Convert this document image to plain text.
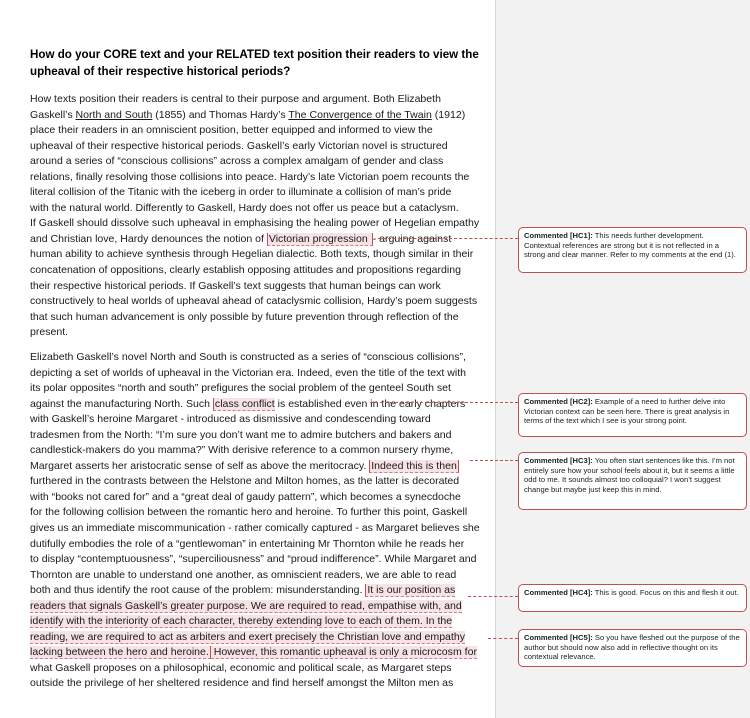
How do your CORE text and your RELATED text position their readers to view the upheaval of their respective historical periods?
How texts position their readers is central to their purpose and argument. Both Elizabeth
Gaskell’s North and South (1855) and Thomas Hardy’s The Convergence of the Twain (1912)
place their readers in an omniscient position, better equipped and informed to view the
upheaval of their respective historical periods. Gaskell’s early Victorian novel is structured
around a series of “conscious collisions” across a complex amalgam of gender and class
relations, finally resolving those collisions into peace. Hardy’s late Victorian poem recounts the
literal collision of the Titanic with the iceberg in order to illuminate a collision of man’s pride
with the natural world. Differently to Gaskell, Hardy does not offer us peace but a cataclysm.
If Gaskell should dissolve such upheaval in emphasising the healing power of Hegelian empathy
and Christian love, Hardy denounces the notion of Victorian progression - arguing against
human ability to achieve synthesis through Hegelian dialectic. Both texts, though similar in their
concatenation of oppositions, clearly establish opposing attitudes and propositions regarding
their respective historical periods. If Gaskell’s text suggests that human beings can work
constructively to heal worlds of upheaval ahead of cataclysmic collision, Hardy’s poem suggests
that such human advancement is only possible by future prevention through reflection of the
present.
Elizabeth Gaskell’s novel North and South is constructed as a series of “conscious collisions”,
depicting a set of worlds of upheaval in the Victorian era. Indeed, even the title of the text with
its polar opposites “north and south” prefigures the social problem of the genteel South set
against the manufacturing North. Such class conflict is established even in the early chapters
with Gaskell’s heroine Margaret - introduced as dismissive and condescending toward
tradesmen from the North: “I’m sure you don’t want me to admire butchers and bakers and
candlestick-makers do you mamma?” With derisive reference to a common nursery rhyme,
Margaret asserts her aristocratic sense of self as above the meritocracy. Indeed this is then
furthered in the contrasts between the Helstone and Milton homes, as the latter is decorated
with “books not cared for” and a “great deal of gaudy pattern”, which becomes a synecdoche
for the following collision between the romantic hero and heroine. To further this point, Gaskell
gives us an immediate miscommunication - rather comically captured - as Margaret believes she
dutifully embodies the role of a “gentlewoman” in entertaining Mr Thornton while he reads her
to display “contemptuousness”, “superciliousness” and “proud indifference”. While Margaret and
Thornton are unable to understand one another, as omniscient readers, we are able to read
both and thus identify the root cause of the problem: misunderstanding. It is our position as
readers that signals Gaskell’s greater purpose. We are required to read, empathise with, and
identify with the interiority of each character, thereby extending love to each of them. In the
reading, we are required to act as arbiters and exert precisely the Christian love and empathy
lacking between the hero and heroine. However, this romantic upheaval is only a microcosm for
what Gaskell proposes on a philosophical, economic and political scale, as Margaret steps
outside the privilege of her sheltered residence and find herself amongst the Milton men as
Commented [HC1]: This needs further development. Contextual references are strong but it is not reflected in a strong and clear manner. Refer to my comments at the end (1).
Commented [HC2]: Example of a need to further delve into Victorian context can be seen here. There is great analysis in terms of the text which I see is your strong point.
Commented [HC3]: You often start sentences like this. I’m not entirely sure how your school feels about it, but it seems a little odd to me. It sounds almost too colloquial? I won’t suggest change but maybe just keep this in mind.
Commented [HC4]: This is good. Focus on this and flesh it out.
Commented [HC5]: So you have fleshed out the purpose of the author but should now also add in reflective thought on its contextual relevance.
